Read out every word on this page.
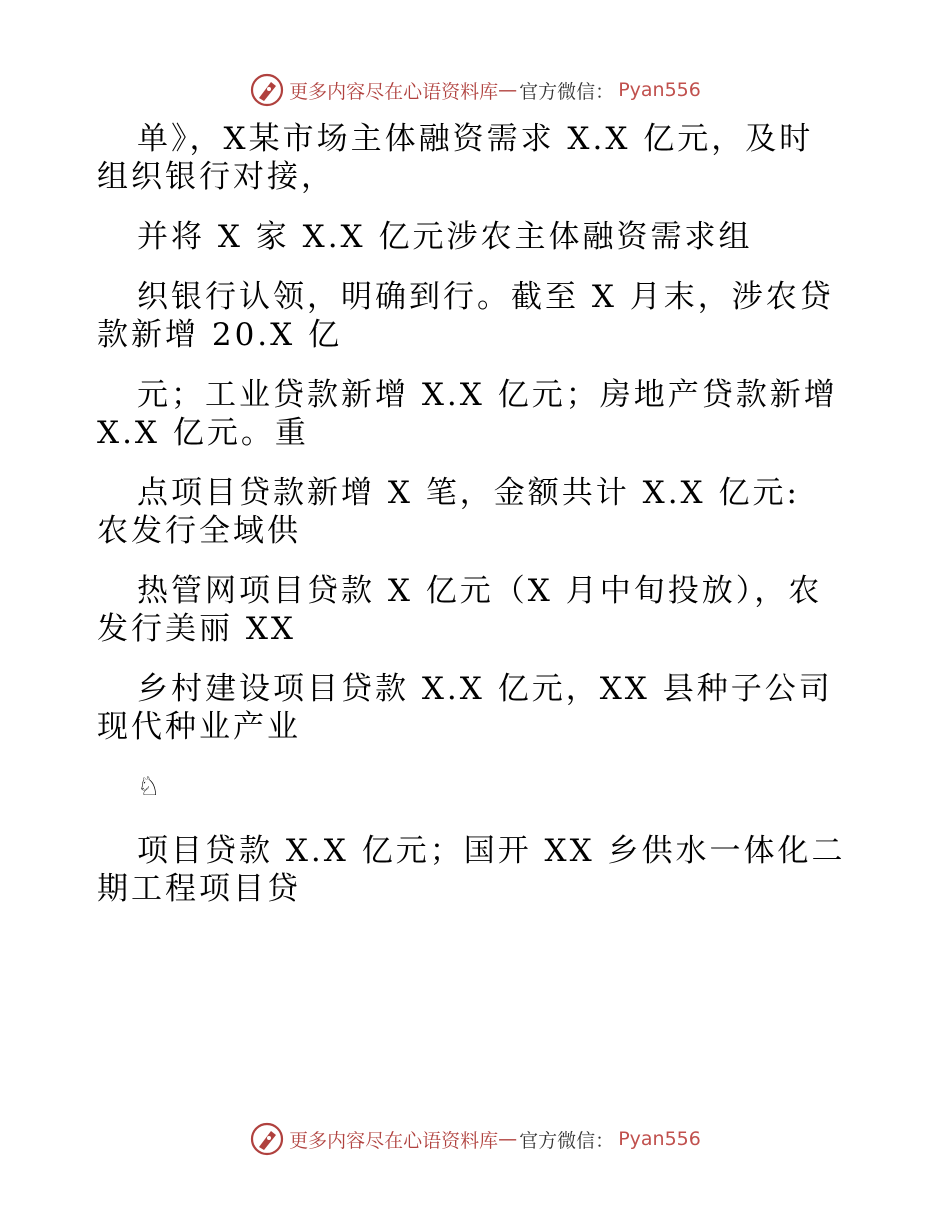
更多内容尽在心语资料库 — 官方微信： Pyan556
单》，X某市场主体融资需求 X.X 亿元，及时
组织银行对接，
并将 X 家 X.X 亿元涉农主体融资需求组
织银行认领，明确到行。截至 X 月末，涉农贷
款新增 20.X 亿
元；工业贷款新增 X.X 亿元；房地产贷款新增
X.X 亿元。重
点项目贷款新增 X 笔，金额共计 X.X 亿元:
农发行全域供
热管网项目贷款 X 亿元（X 月中旬投放），农
发行美丽 XX
乡村建设项目贷款 X.X 亿元，XX 县种子公司
现代种业产业
♘
项目贷款 X.X 亿元；国开 XX 乡供水一体化二
期工程项目贷
更多内容尽在心语资料库 — 官方微信： Pyan556
